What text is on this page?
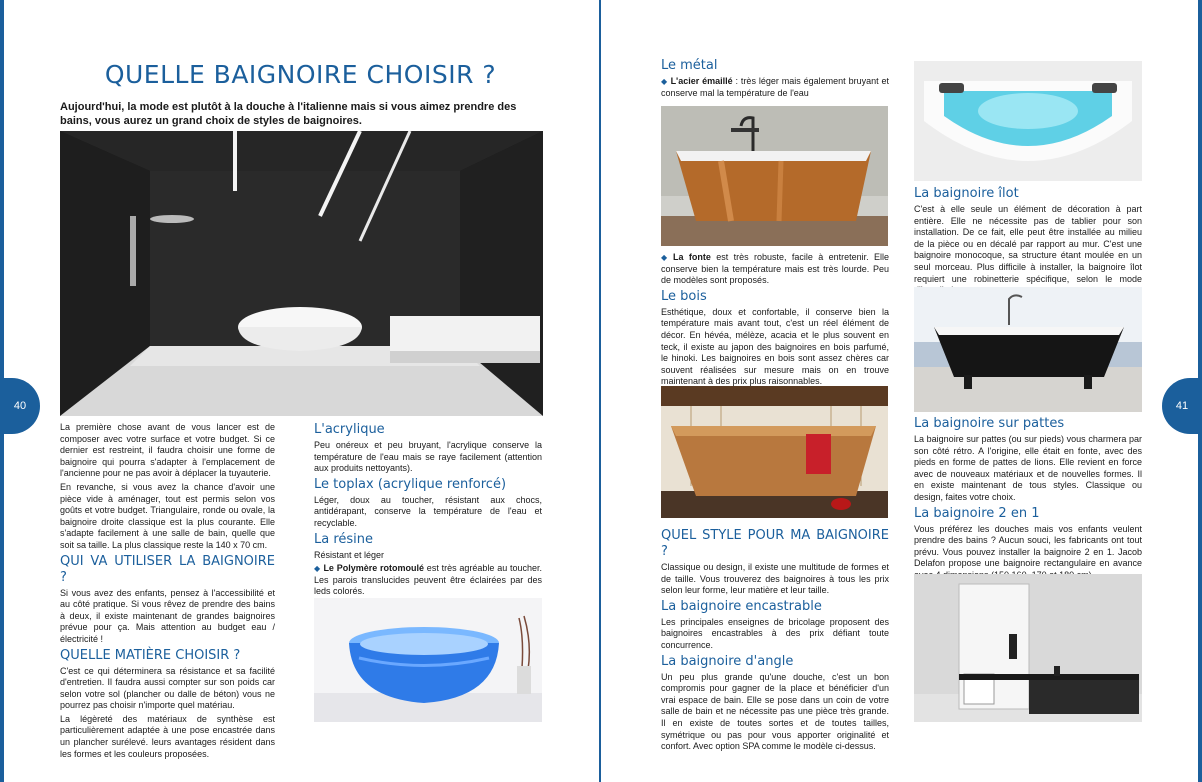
40
QUELLE BAIGNOIRE CHOISIR ?
Aujourd'hui, la mode est plutôt à la douche à l'italienne mais si vous aimez prendre des bains, vous aurez un grand choix de styles de baignoires.

La première chose avant de vous lancer est de composer avec votre surface et votre budget. Si ce dernier est restreint, il faudra choisir une forme de baignoire qui pourra s'adapter à l'emplacement de l'ancienne pour ne pas avoir à déplacer la tuyauterie.

En revanche, si vous avez la chance d'avoir une pièce vide à aménager, tout est permis selon vos goûts et votre budget. Triangulaire, ronde ou ovale, la baignoire droite classique est la plus courante. Elle s'adapte facilement à une salle de bain, quelle que soit sa taille. La plus classique reste la 140 x 70 cm.

QUI VA UTILISER LA BAIGNOIRE ?

Si vous avez des enfants, pensez à l'accessibilité et au côté pratique. Si vous rêvez de prendre des bains à deux, il existe maintenant de grandes baignoires prévue pour ça. Mais attention au budget eau / électricité !

QUELLE MATIÈRE CHOISIR ?

C'est ce qui déterminera sa résistance et sa facilité d'entretien. Il faudra aussi compter sur son poids car selon votre sol (plancher ou dalle de béton) vous ne pourrez pas choisir n'importe quel matériau.

La légèreté des matériaux de synthèse est particulièrement adaptée à une pose encastrée dans un plancher surélevé. leurs avantages résident dans les formes et les couleurs proposées.

L'acrylique

Peu onéreux et peu bruyant, l'acrylique conserve la température de l'eau mais se raye facilement (attention aux produits nettoyants).

Le toplax (acrylique renforcé)

Léger, doux au toucher, résistant aux chocs, antidérapant, conserve la température de l'eau et recyclable.

La résine

Résistant et léger

◆ Le Polymère rotomoulé est très agréable au toucher. Les parois translucides peuvent être éclairées par des leds colorés.

41
Le métal

◆ L'acier émaillé : très léger mais également bruyant et conserve mal la température de l'eau

◆ La fonte est très robuste, facile à entretenir. Elle conserve bien la température mais est très lourde. Peu de modèles sont proposés.

Le bois

Esthétique, doux et confortable, il conserve bien la température mais avant tout, c'est un réel élément de décor. En hévéa, mélèze, acacia et le plus souvent en teck, il existe au japon des baignoires en bois parfumé, le hinoki. Les baignoires en bois sont assez chères car souvent réalisées sur mesure mais on en trouve maintenant à des prix plus raisonnables.

QUEL STYLE POUR MA BAIGNOIRE ?

Classique ou design, il existe une multitude de formes et de taille. Vous trouverez des baignoires à tous les prix selon leur forme, leur matière et leur taille.

La baignoire encastrable

Les principales enseignes de bricolage proposent des baignoires encastrables à des prix défiant toute concurrence.

La baignoire d'angle

Un peu plus grande qu'une douche, c'est un bon compromis pour gagner de la place et bénéficier d'un vrai espace de bain. Elle se pose dans un coin de votre salle de bain et ne nécessite pas une pièce très grande. Il en existe de toutes sortes et de toutes tailles, symétrique ou pas pour vous apporter originalité et confort. Avec option SPA comme le modèle ci-dessus.

La baignoire îlot

C'est à elle seule un élément de décoration à part entière. Elle ne nécessite pas de tablier pour son installation. De ce fait, elle peut être installée au milieu de la pièce ou en décalé par rapport au mur. C'est une baignoire monocoque, sa structure étant moulée en un seul morceau. Plus difficile à installer, la baignoire îlot requiert une robinetterie spécifique, selon le mode

La baignoire sur pattes

La baignoire sur pattes (ou sur pieds) vous charmera par son côté rétro. A l'origine, elle était en fonte, avec des pieds en forme de pattes de lions. Elle revient en force avec de nouveaux matériaux et de nouvelles formes. Il en existe maintenant de tous styles. Classique ou design, faites votre choix.

La baignoire 2 en 1

Vous préférez les douches mais vos enfants veulent prendre des bains ? Aucun souci, les fabricants ont tout prévu. Vous pouvez installer la baignoire 2 en 1. Jacob Delafon propose une baignoire rectangulaire en avance
